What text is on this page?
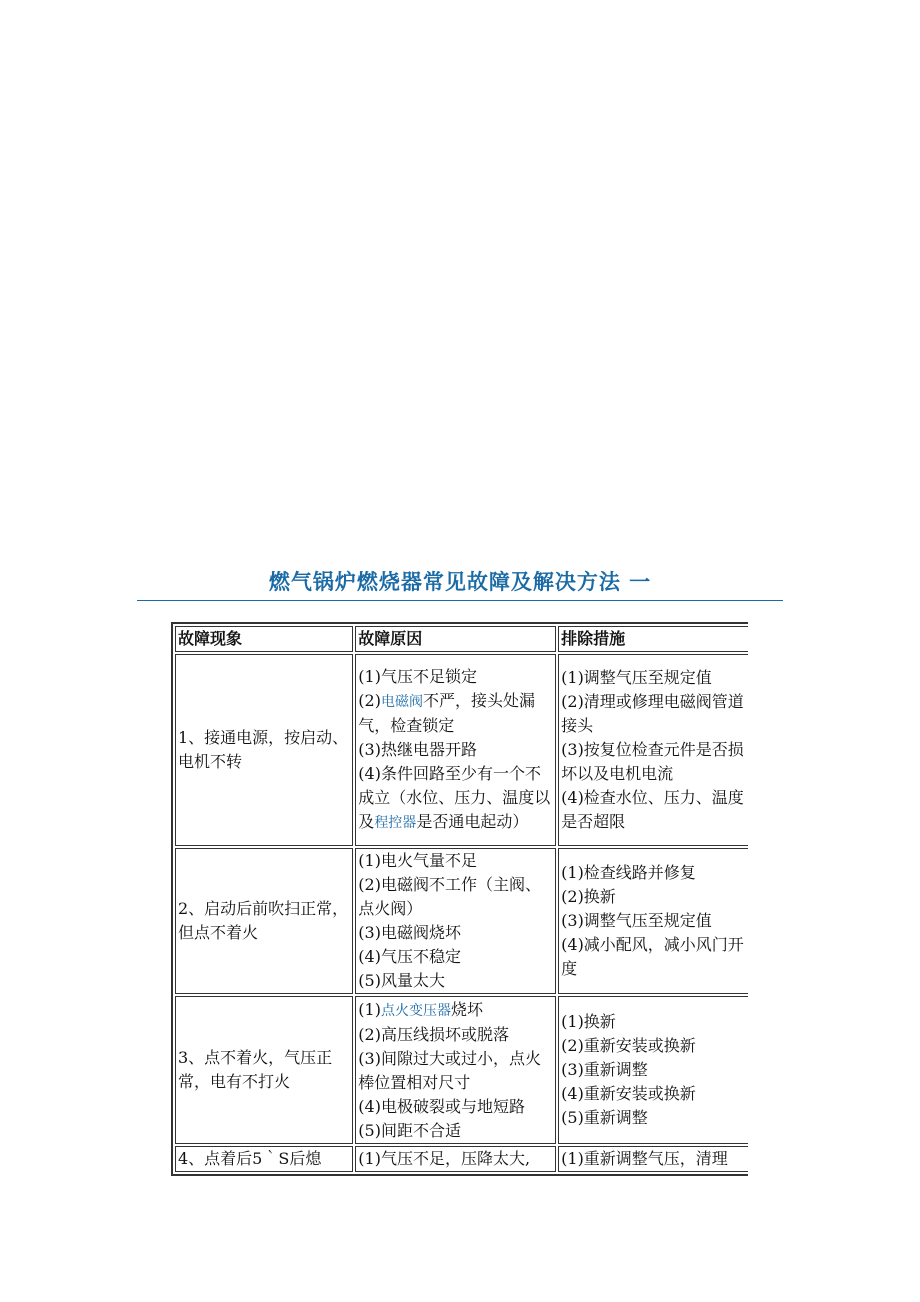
燃气锅炉燃烧器常见故障及解决方法 一
故障现象	故障原因	排除措施
1、接通电源，按启动、电机不转	(1)气压不足锁定
(2)电磁阀不严，接头处漏气，检查锁定
(3)热继电器开路
(4)条件回路至少有一个不成立（水位、压力、温度以及程控器是否通电起动）	(1)调整气压至规定值
(2)清理或修理电磁阀管道接头
(3)按复位检查元件是否损坏以及电机电流
(4)检查水位、压力、温度是否超限

2、启动后前吹扫正常，但点不着火	(1)电火气量不足
(2)电磁阀不工作（主阀、点火阀）
(3)电磁阀烧坏
(4)气压不稳定
(5)风量太大	(1)检查线路并修复
(2)换新
(3)调整气压至规定值
(4)减小配风，减小风门开度

3、点不着火，气压正常，电有不打火	(1)点火变压器烧坏
(2)高压线损坏或脱落
(3)间隙过大或过小，点火棒位置相对尺寸
(4)电极破裂或与地短路
(5)间距不合适	(1)换新
(2)重新安装或换新
(3)重新调整
(4)重新安装或换新
(5)重新调整

4、点着后5｀S后熄	(1)气压不足，压降太大,	(1)重新调整气压，清理
